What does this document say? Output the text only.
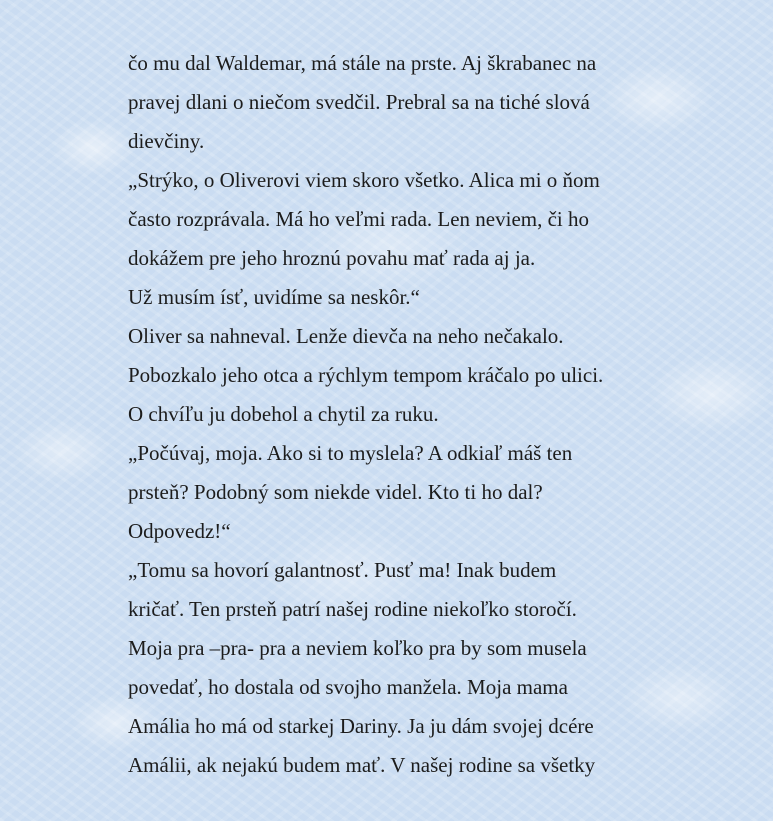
čo mu dal Waldemar, má stále na prste. Aj škrabanec na
pravej dlani o niečom svedčil. Prebral sa na tiché slová
dievčiny.
„Strýko, o Oliverovi viem skoro všetko. Alica mi o ňom
často rozprávala. Má ho veľmi rada. Len neviem, či ho
dokážem pre jeho hroznú povahu mať rada aj ja.
Už musím ísť, uvidíme sa neskôr.“
Oliver sa nahneval. Lenže dievča na neho nečakalo.
Pobozkalo jeho otca a rýchlym tempom kráčalo po ulici.
O chvíľu ju dobehol a chytil za ruku.
„Počúvaj, moja. Ako si to myslela? A odkiaľ máš ten
prsteň? Podobný som niekde videl. Kto ti ho dal?
Odpovedz!“
„Tomu sa hovorí galantnosť. Pusť ma! Inak budem
kričať. Ten prsteň patrí našej rodine niekoľko storočí.
Moja pra –pra- pra a neviem koľko pra by som musela
povedať, ho dostala od svojho manžela. Moja mama
Amália ho má od starkej Dariny. Ja ju dám svojej dcére
Amálii, ak nejakú budem mať. V našej rodine sa všetky
